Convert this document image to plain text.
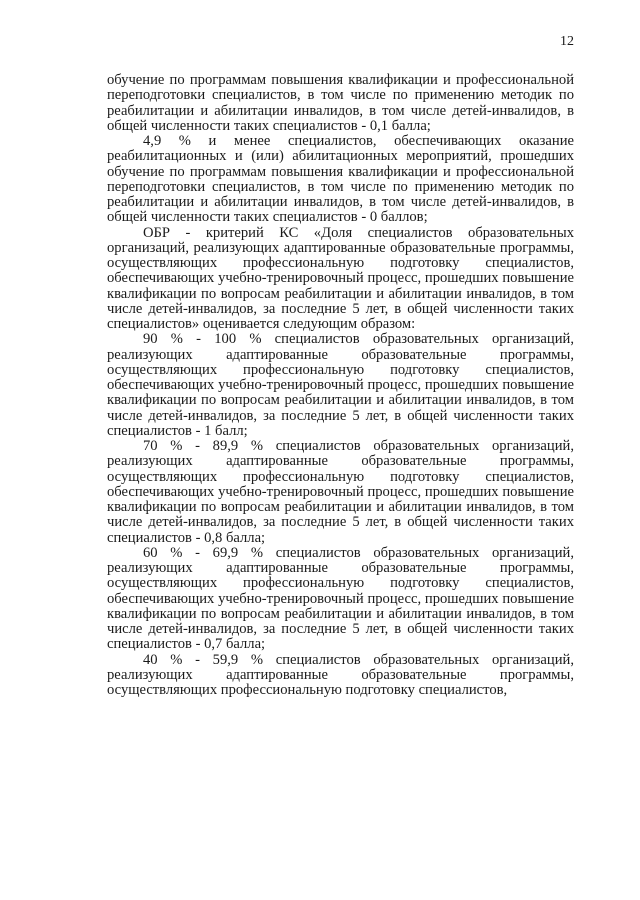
12

обучение по программам повышения квалификации и профессиональной переподготовки специалистов, в том числе по применению методик по реабилитации и абилитации инвалидов, в том числе детей-инвалидов, в общей численности таких специалистов - 0,1 балла;

4,9 % и менее специалистов, обеспечивающих оказание реабилитационных и (или) абилитационных мероприятий, прошедших обучение по программам повышения квалификации и профессиональной переподготовки специалистов, в том числе по применению методик по реабилитации и абилитации инвалидов, в том числе детей-инвалидов, в общей численности таких специалистов - 0 баллов;

ОБР - критерий КС «Доля специалистов образовательных организаций, реализующих адаптированные образовательные программы, осуществляющих профессиональную подготовку специалистов, обеспечивающих учебно-тренировочный процесс, прошедших повышение квалификации по вопросам реабилитации и абилитации инвалидов, в том числе детей-инвалидов, за последние 5 лет, в общей численности таких специалистов» оценивается следующим образом:

90 % - 100 % специалистов образовательных организаций, реализующих адаптированные образовательные программы, осуществляющих профессиональную подготовку специалистов, обеспечивающих учебно-тренировочный процесс, прошедших повышение квалификации по вопросам реабилитации и абилитации инвалидов, в том числе детей-инвалидов, за последние 5 лет, в общей численности таких специалистов - 1 балл;

70 % - 89,9 % специалистов образовательных организаций, реализующих адаптированные образовательные программы, осуществляющих профессиональную подготовку специалистов, обеспечивающих учебно-тренировочный процесс, прошедших повышение квалификации по вопросам реабилитации и абилитации инвалидов, в том числе детей-инвалидов, за последние 5 лет, в общей численности таких специалистов - 0,8 балла;

60 % - 69,9 % специалистов образовательных организаций, реализующих адаптированные образовательные программы, осуществляющих профессиональную подготовку специалистов, обеспечивающих учебно-тренировочный процесс, прошедших повышение квалификации по вопросам реабилитации и абилитации инвалидов, в том числе детей-инвалидов, за последние 5 лет, в общей численности таких специалистов - 0,7 балла;

40 % - 59,9 % специалистов образовательных организаций, реализующих адаптированные образовательные программы, осуществляющих профессиональную подготовку специалистов,
